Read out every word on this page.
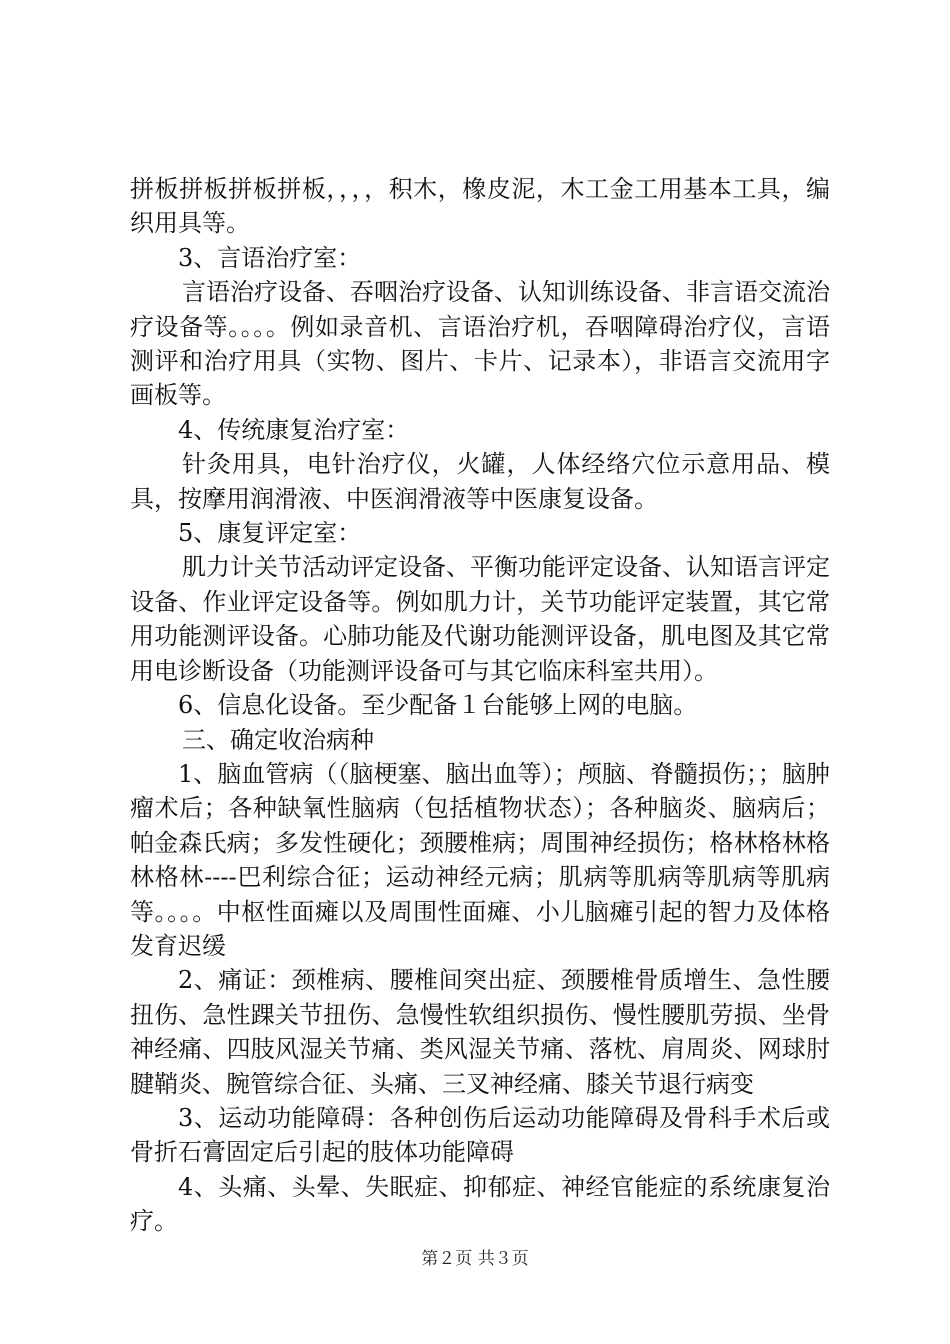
拼板拼板拼板拼板，，，，积木，橡皮泥，木工金工用基本工具，编织用具等。

3、言语治疗室：

言语治疗设备、吞咽治疗设备、认知训练设备、非言语交流治疗设备等。。。。例如录音机、言语治疗机，吞咽障碍治疗仪，言语测评和治疗用具（实物、图片、卡片、记录本），非语言交流用字画板等。

4、传统康复治疗室：

针灸用具，电针治疗仪，火罐，人体经络穴位示意用品、模具，按摩用润滑液、中医润滑液等中医康复设备。

5、康复评定室：

肌力计关节活动评定设备、平衡功能评定设备、认知语言评定设备、作业评定设备等。例如肌力计，关节功能评定装置，其它常用功能测评设备。心肺功能及代谢功能测评设备，肌电图及其它常用电诊断设备（功能测评设备可与其它临床科室共用）。

6、信息化设备。至少配备１台能够上网的电脑。

三、确定收治病种

1、脑血管病（（脑梗塞、脑出血等）；颅脑、脊髓损伤；；脑肿瘤术后；各种缺氧性脑病（包括植物状态）；各种脑炎、脑病后；帕金森氏病；多发性硬化；颈腰椎病；周围神经损伤；格林格林格林格林----巴利综合征；运动神经元病；肌病等肌病等肌病等肌病等。。。。中枢性面瘫以及周围性面瘫、小儿脑瘫引起的智力及体格发育迟缓

2、痛证：颈椎病、腰椎间突出症、颈腰椎骨质增生、急性腰扭伤、急性踝关节扭伤、急慢性软组织损伤、慢性腰肌劳损、坐骨神经痛、四肢风湿关节痛、类风湿关节痛、落枕、肩周炎、网球肘腱鞘炎、腕管综合征、头痛、三叉神经痛、膝关节退行病变

3、运动功能障碍：各种创伤后运动功能障碍及骨科手术后或骨折石膏固定后引起的肢体功能障碍

4、头痛、头晕、失眠症、抑郁症、神经官能症的系统康复治疗。

第２页 共３页
